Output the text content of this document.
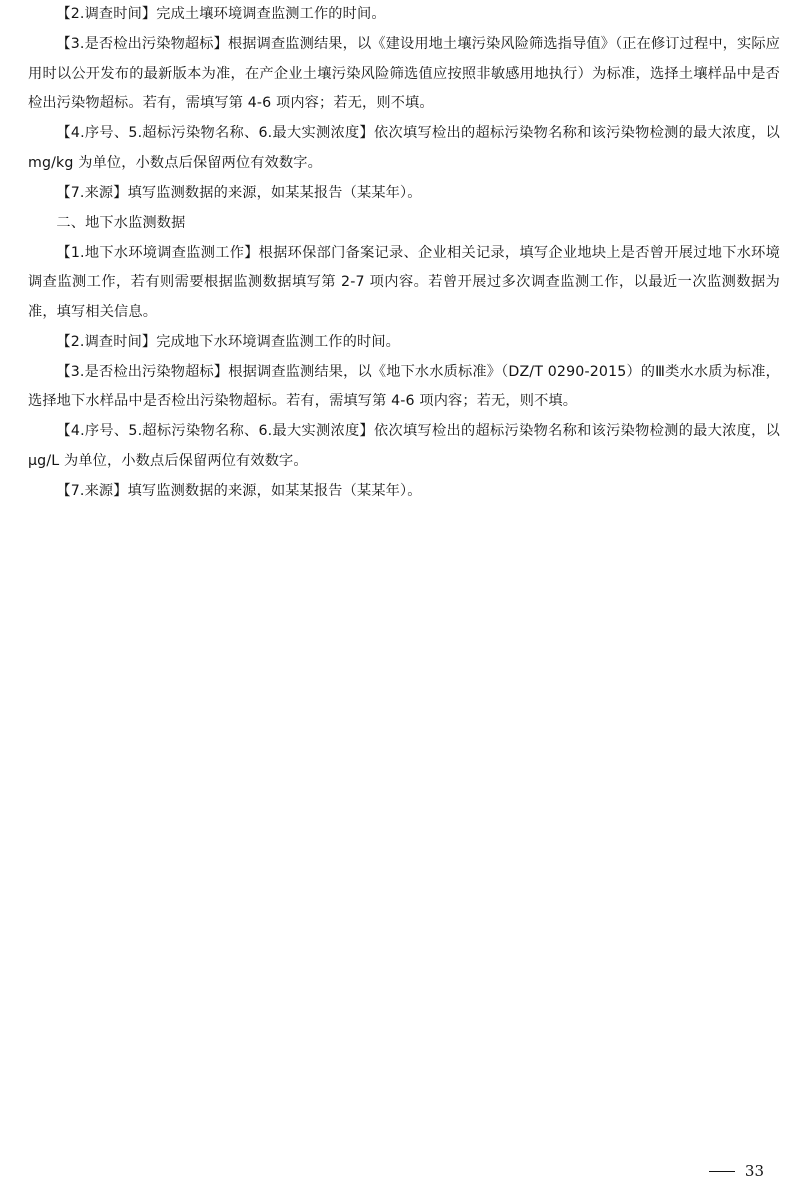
【2.调查时间】完成土壤环境调查监测工作的时间。

【3.是否检出污染物超标】根据调查监测结果，以《建设用地土壤污染风险筛选指导值》（正在修订过程中，实际应用时以公开发布的最新版本为准，在产企业土壤污染风险筛选值应按照非敏感用地执行）为标准，选择土壤样品中是否检出污染物超标。若有，需填写第 4-6 项内容；若无，则不填。

【4.序号、5.超标污染物名称、6.最大实测浓度】依次填写检出的超标污染物名称和该污染物检测的最大浓度，以 mg/kg 为单位，小数点后保留两位有效数字。

【7.来源】填写监测数据的来源，如某某报告（某某年）。

二、地下水监测数据

【1.地下水环境调查监测工作】根据环保部门备案记录、企业相关记录，填写企业地块上是否曾开展过地下水环境调查监测工作，若有则需要根据监测数据填写第 2-7 项内容。若曾开展过多次调查监测工作，以最近一次监测数据为准，填写相关信息。

【2.调查时间】完成地下水环境调查监测工作的时间。

【3.是否检出污染物超标】根据调查监测结果，以《地下水水质标准》（DZ/T 0290-2015）的Ⅲ类水水质为标准，选择地下水样品中是否检出污染物超标。若有，需填写第 4-6 项内容；若无，则不填。

【4.序号、5.超标污染物名称、6.最大实测浓度】依次填写检出的超标污染物名称和该污染物检测的最大浓度，以μg/L 为单位，小数点后保留两位有效数字。

【7.来源】填写监测数据的来源，如某某报告（某某年）。

33
